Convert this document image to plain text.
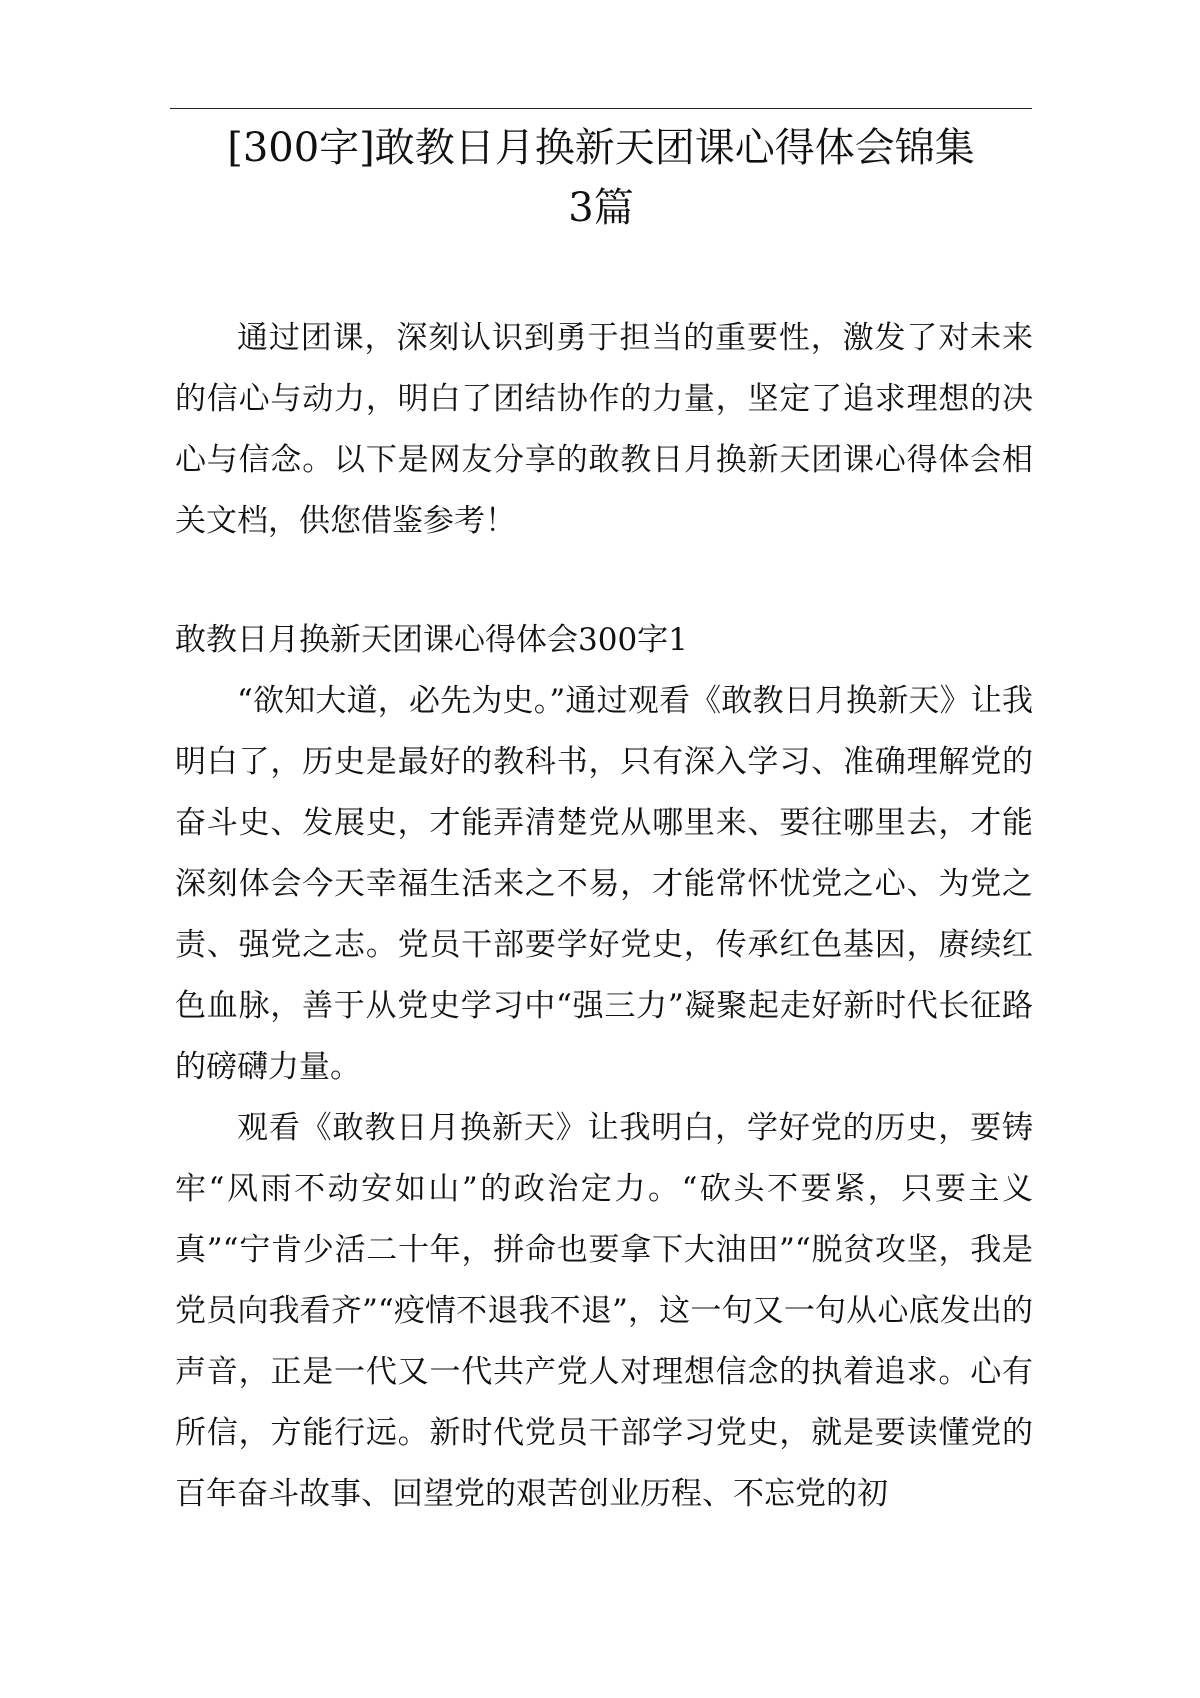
[300字]敢教日月换新天团课心得体会锦集
3篇

通过团课，深刻认识到勇于担当的重要性，激发了对未来的信心与动力，明白了团结协作的力量，坚定了追求理想的决心与信念。以下是网友分享的敢教日月换新天团课心得体会相关文档，供您借鉴参考！

敢教日月换新天团课心得体会300字1

“欲知大道，必先为史。”通过观看《敢教日月换新天》让我明白了，历史是最好的教科书，只有深入学习、准确理解党的奋斗史、发展史，才能弄清楚党从哪里来、要往哪里去，才能深刻体会今天幸福生活来之不易，才能常怀忧党之心、为党之责、强党之志。党员干部要学好党史，传承红色基因，赓续红色血脉，善于从党史学习中“强三力”凝聚起走好新时代长征路的磅礴力量。

观看《敢教日月换新天》让我明白，学好党的历史，要铸牢“风雨不动安如山”的政治定力。“砍头不要紧，只要主义真”“宁肯少活二十年，拼命也要拿下大油田”“脱贫攻坚，我是党员向我看齐”“疫情不退我不退”，这一句又一句从心底发出的声音，正是一代又一代共产党人对理想信念的执着追求。心有所信，方能行远。新时代党员干部学习党史，就是要读懂党的百年奋斗故事、回望党的艰苦创业历程、不忘党的初
